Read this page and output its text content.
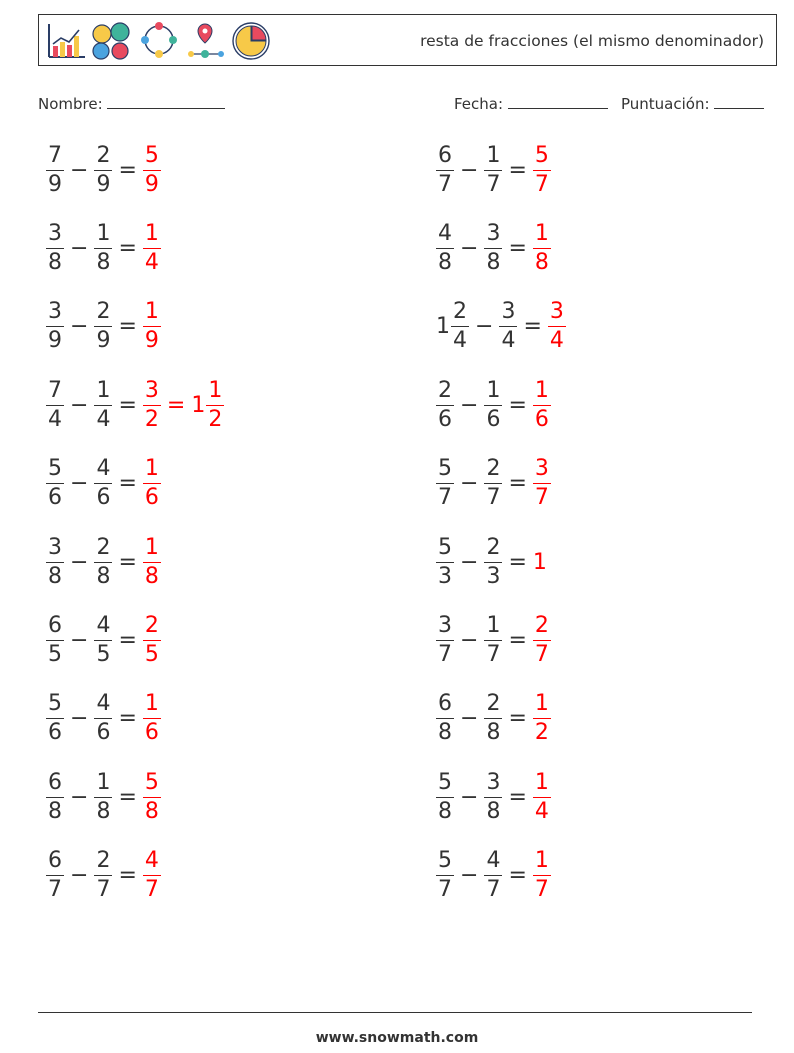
resta de fracciones (el mismo denominador)
Nombre:	Fecha:	Puntuación:
$\frac{7}{9} - \frac{2}{9} = \frac{5}{9}$	$\frac{6}{7} - \frac{1}{7} = \frac{5}{7}$
$\frac{3}{8} - \frac{1}{8} = \frac{1}{4}$	$\frac{4}{8} - \frac{3}{8} = \frac{1}{8}$
$\frac{3}{9} - \frac{2}{9} = \frac{1}{9}$	$1 \frac{2}{4} - \frac{3}{4} = \frac{3}{4}$
$\frac{7}{4} - \frac{1}{4} = \frac{3}{2} = 1 \frac{1}{2}$	$\frac{2}{6} - \frac{1}{6} = \frac{1}{6}$
$\frac{5}{6} - \frac{4}{6} = \frac{1}{6}$	$\frac{5}{7} - \frac{2}{7} = \frac{3}{7}$
$\frac{3}{8} - \frac{2}{8} = \frac{1}{8}$	$\frac{5}{3} - \frac{2}{3} = 1$
$\frac{6}{5} - \frac{4}{5} = \frac{2}{5}$	$\frac{3}{7} - \frac{1}{7} = \frac{2}{7}$
$\frac{5}{6} - \frac{4}{6} = \frac{1}{6}$	$\frac{6}{8} - \frac{2}{8} = \frac{1}{2}$
$\frac{6}{8} - \frac{1}{8} = \frac{5}{8}$	$\frac{5}{8} - \frac{3}{8} = \frac{1}{4}$
$\frac{6}{7} - \frac{2}{7} = \frac{4}{7}$	$\frac{5}{7} - \frac{4}{7} = \frac{1}{7}$
www.snowmath.com
